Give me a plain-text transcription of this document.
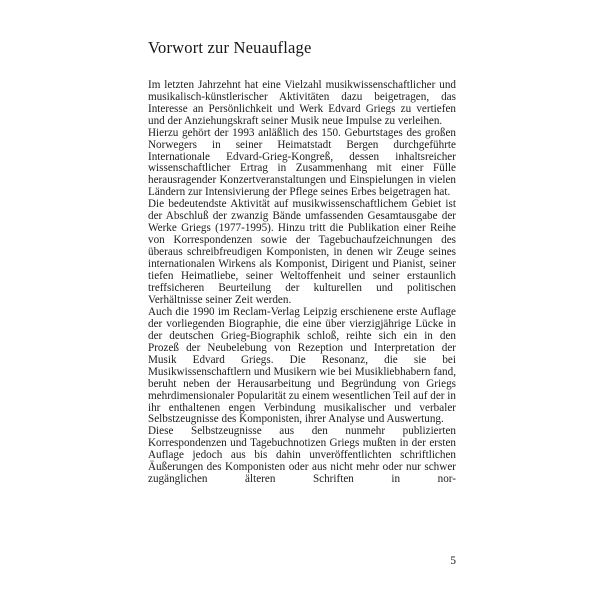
Vorwort zur Neuauflage

Im letzten Jahrzehnt hat eine Vielzahl musikwissenschaftlicher und musikalisch-künstlerischer Aktivitäten dazu beigetragen, das Interesse an Persönlichkeit und Werk Edvard Griegs zu vertiefen und der Anziehungskraft seiner Musik neue Impulse zu verleihen.

Hierzu gehört der 1993 anläßlich des 150. Geburtstages des großen Norwegers in seiner Heimatstadt Bergen durchgeführte Internationale Edvard-Grieg-Kongreß, dessen inhaltsreicher wissenschaftlicher Ertrag in Zusammenhang mit einer Fülle herausragender Konzertveranstaltungen und Einspielungen in vielen Ländern zur Intensivierung der Pflege seines Erbes beigetragen hat.

Die bedeutendste Aktivität auf musikwissenschaftlichem Gebiet ist der Abschluß der zwanzig Bände umfassenden Gesamtausgabe der Werke Griegs (1977-1995). Hinzu tritt die Publikation einer Reihe von Korrespondenzen sowie der Tagebuchaufzeichnungen des überaus schreibfreudigen Komponisten, in denen wir Zeuge seines internationalen Wirkens als Komponist, Dirigent und Pianist, seiner tiefen Heimatliebe, seiner Weltoffenheit und seiner erstaunlich treffsicheren Beurteilung der kulturellen und politischen Verhältnisse seiner Zeit werden.

Auch die 1990 im Reclam-Verlag Leipzig erschienene erste Auflage der vorliegenden Biographie, die eine über vierzigjährige Lücke in der deutschen Grieg-Biographik schloß, reihte sich ein in den Prozeß der Neubelebung von Rezeption und Interpretation der Musik Edvard Griegs. Die Resonanz, die sie bei Musikwissenschaftlern und Musikern wie bei Musikliebhabern fand, beruht neben der Herausarbeitung und Begründung von Griegs mehrdimensionaler Popularität zu einem wesentlichen Teil auf der in ihr enthaltenen engen Verbindung musikalischer und verbaler Selbstzeugnisse des Komponisten, ihrer Analyse und Auswertung.

Diese Selbstzeugnisse aus den nunmehr publizierten Korrespondenzen und Tagebuchnotizen Griegs mußten in der ersten Auflage jedoch aus bis dahin unveröffentlichten schriftlichen Äußerungen des Komponisten oder aus nicht mehr oder nur schwer zugänglichen älteren Schriften in nor-

5
